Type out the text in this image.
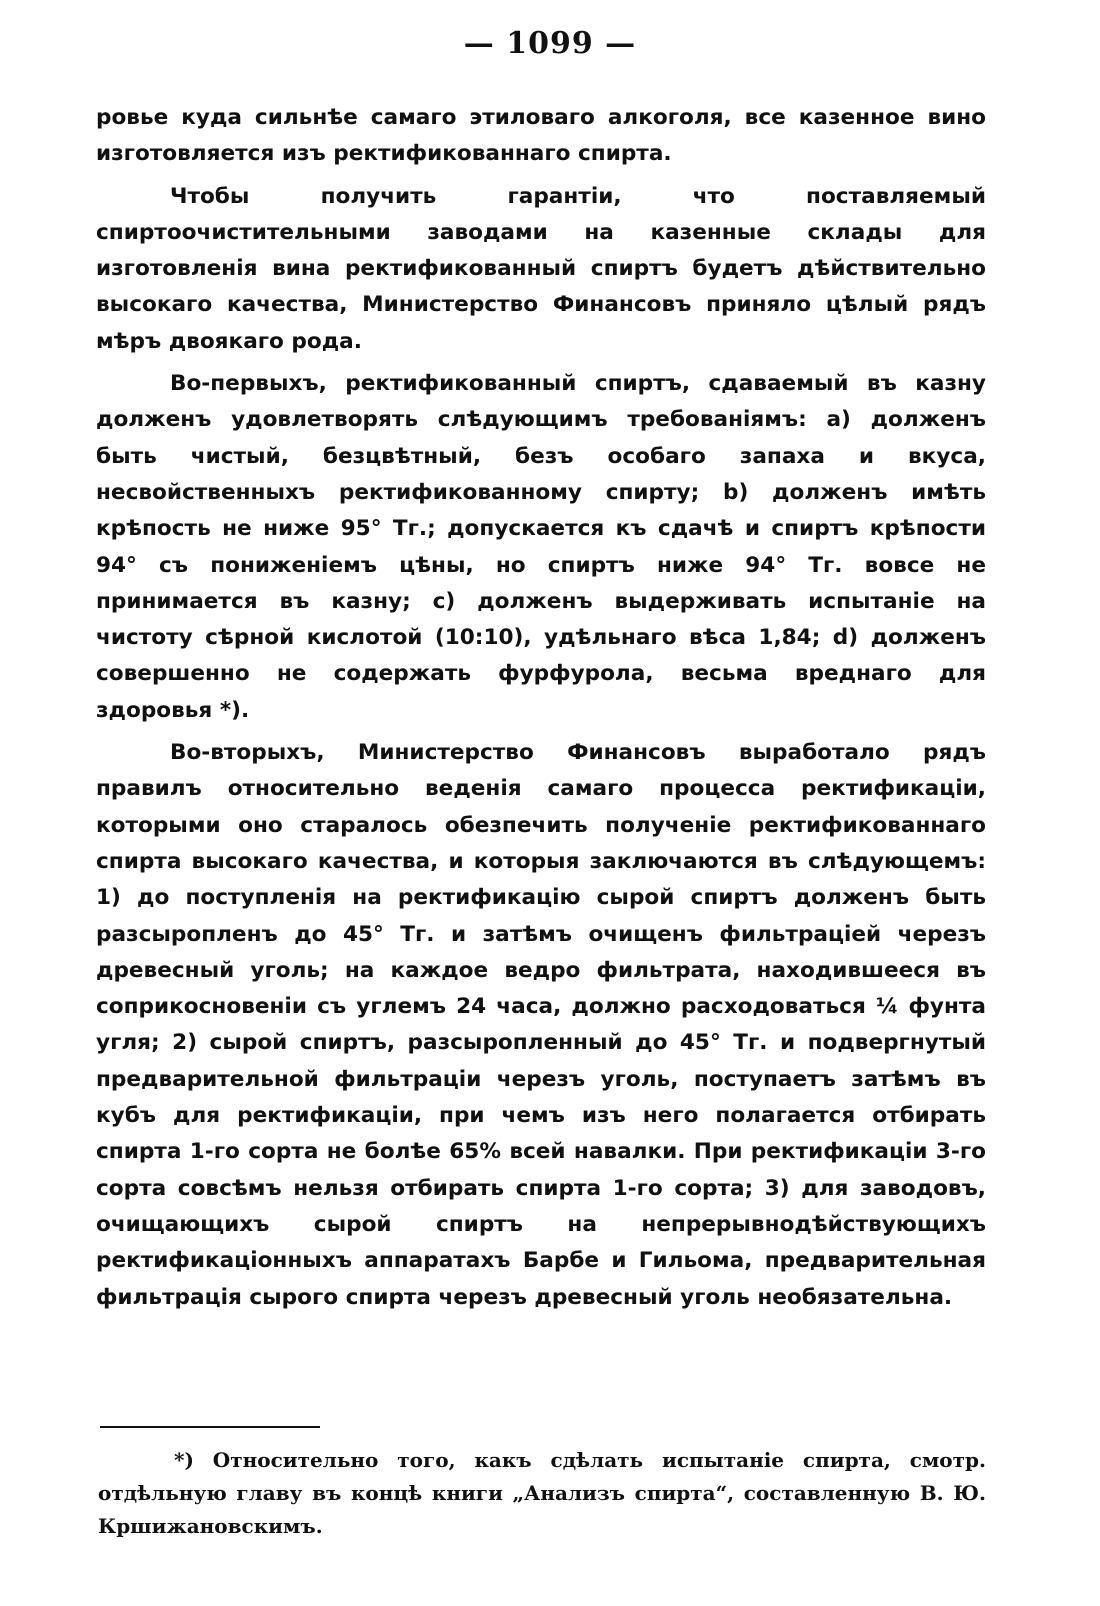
— 1099 —

ровье куда сильнѣе самаго этиловаго алкоголя, все казенное вино изготовляется изъ ректификованнаго спирта.

Чтобы получить гарантіи, что поставляемый спиртоочистительными заводами на казенные склады для изготовленія вина ректификованный спиртъ будетъ дѣйствительно высокаго качества, Министерство Финансовъ приняло цѣлый рядъ мѣръ двоякаго рода.

Во-первыхъ, ректификованный спиртъ, сдаваемый въ казну долженъ удовлетворять слѣдующимъ требованіямъ: а) долженъ быть чистый, безцвѣтный, безъ особаго запаха и вкуса, несвойственныхъ ректификованному спирту; b) долженъ имѣть крѣпость не ниже 95° Тг.; допускается къ сдачѣ и спиртъ крѣпости 94° съ пониженіемъ цѣны, но спиртъ ниже 94° Тг. вовсе не принимается въ казну; c) долженъ выдерживать испытаніе на чистоту сѣрной кислотой (10:10), удѣльнаго вѣса 1,84; d) долженъ совершенно не содержать фурфурола, весьма вреднаго для здоровья *).

Во-вторыхъ, Министерство Финансовъ выработало рядъ правилъ относительно веденія самаго процесса ректификаціи, которыми оно старалось обезпечить полученіе ректификованнаго спирта высокаго качества, и которыя заключаются въ слѣдующемъ: 1) до поступленія на ректификацію сырой спиртъ долженъ быть разсыропленъ до 45° Тг. и затѣмъ очищенъ фильтраціей черезъ древесный уголь; на каждое ведро фильтрата, находившееся въ соприкосновеніи съ углемъ 24 часа, должно расходоваться ¼ фунта угля; 2) сырой спиртъ, разсыропленный до 45° Тг. и подвергнутый предварительной фильтраціи черезъ уголь, поступаетъ затѣмъ въ кубъ для ректификаціи, при чемъ изъ него полагается отбирать спирта 1-го сорта не болѣе 65% всей навалки. При ректификаціи 3-го сорта совсѣмъ нельзя отбирать спирта 1-го сорта; 3) для заводовъ, очищающихъ сырой спиртъ на непрерывнодѣйствующихъ ректификаціонныхъ аппаратахъ Барбе и Гильома, предварительная фильтрація сырого спирта черезъ древесный уголь необязательна.

*) Относительно того, какъ сдѣлать испытаніе спирта, смотр. отдѣльную главу въ концѣ книги „Анализъ спирта“, составленную В. Ю. Кршижановскимъ.
